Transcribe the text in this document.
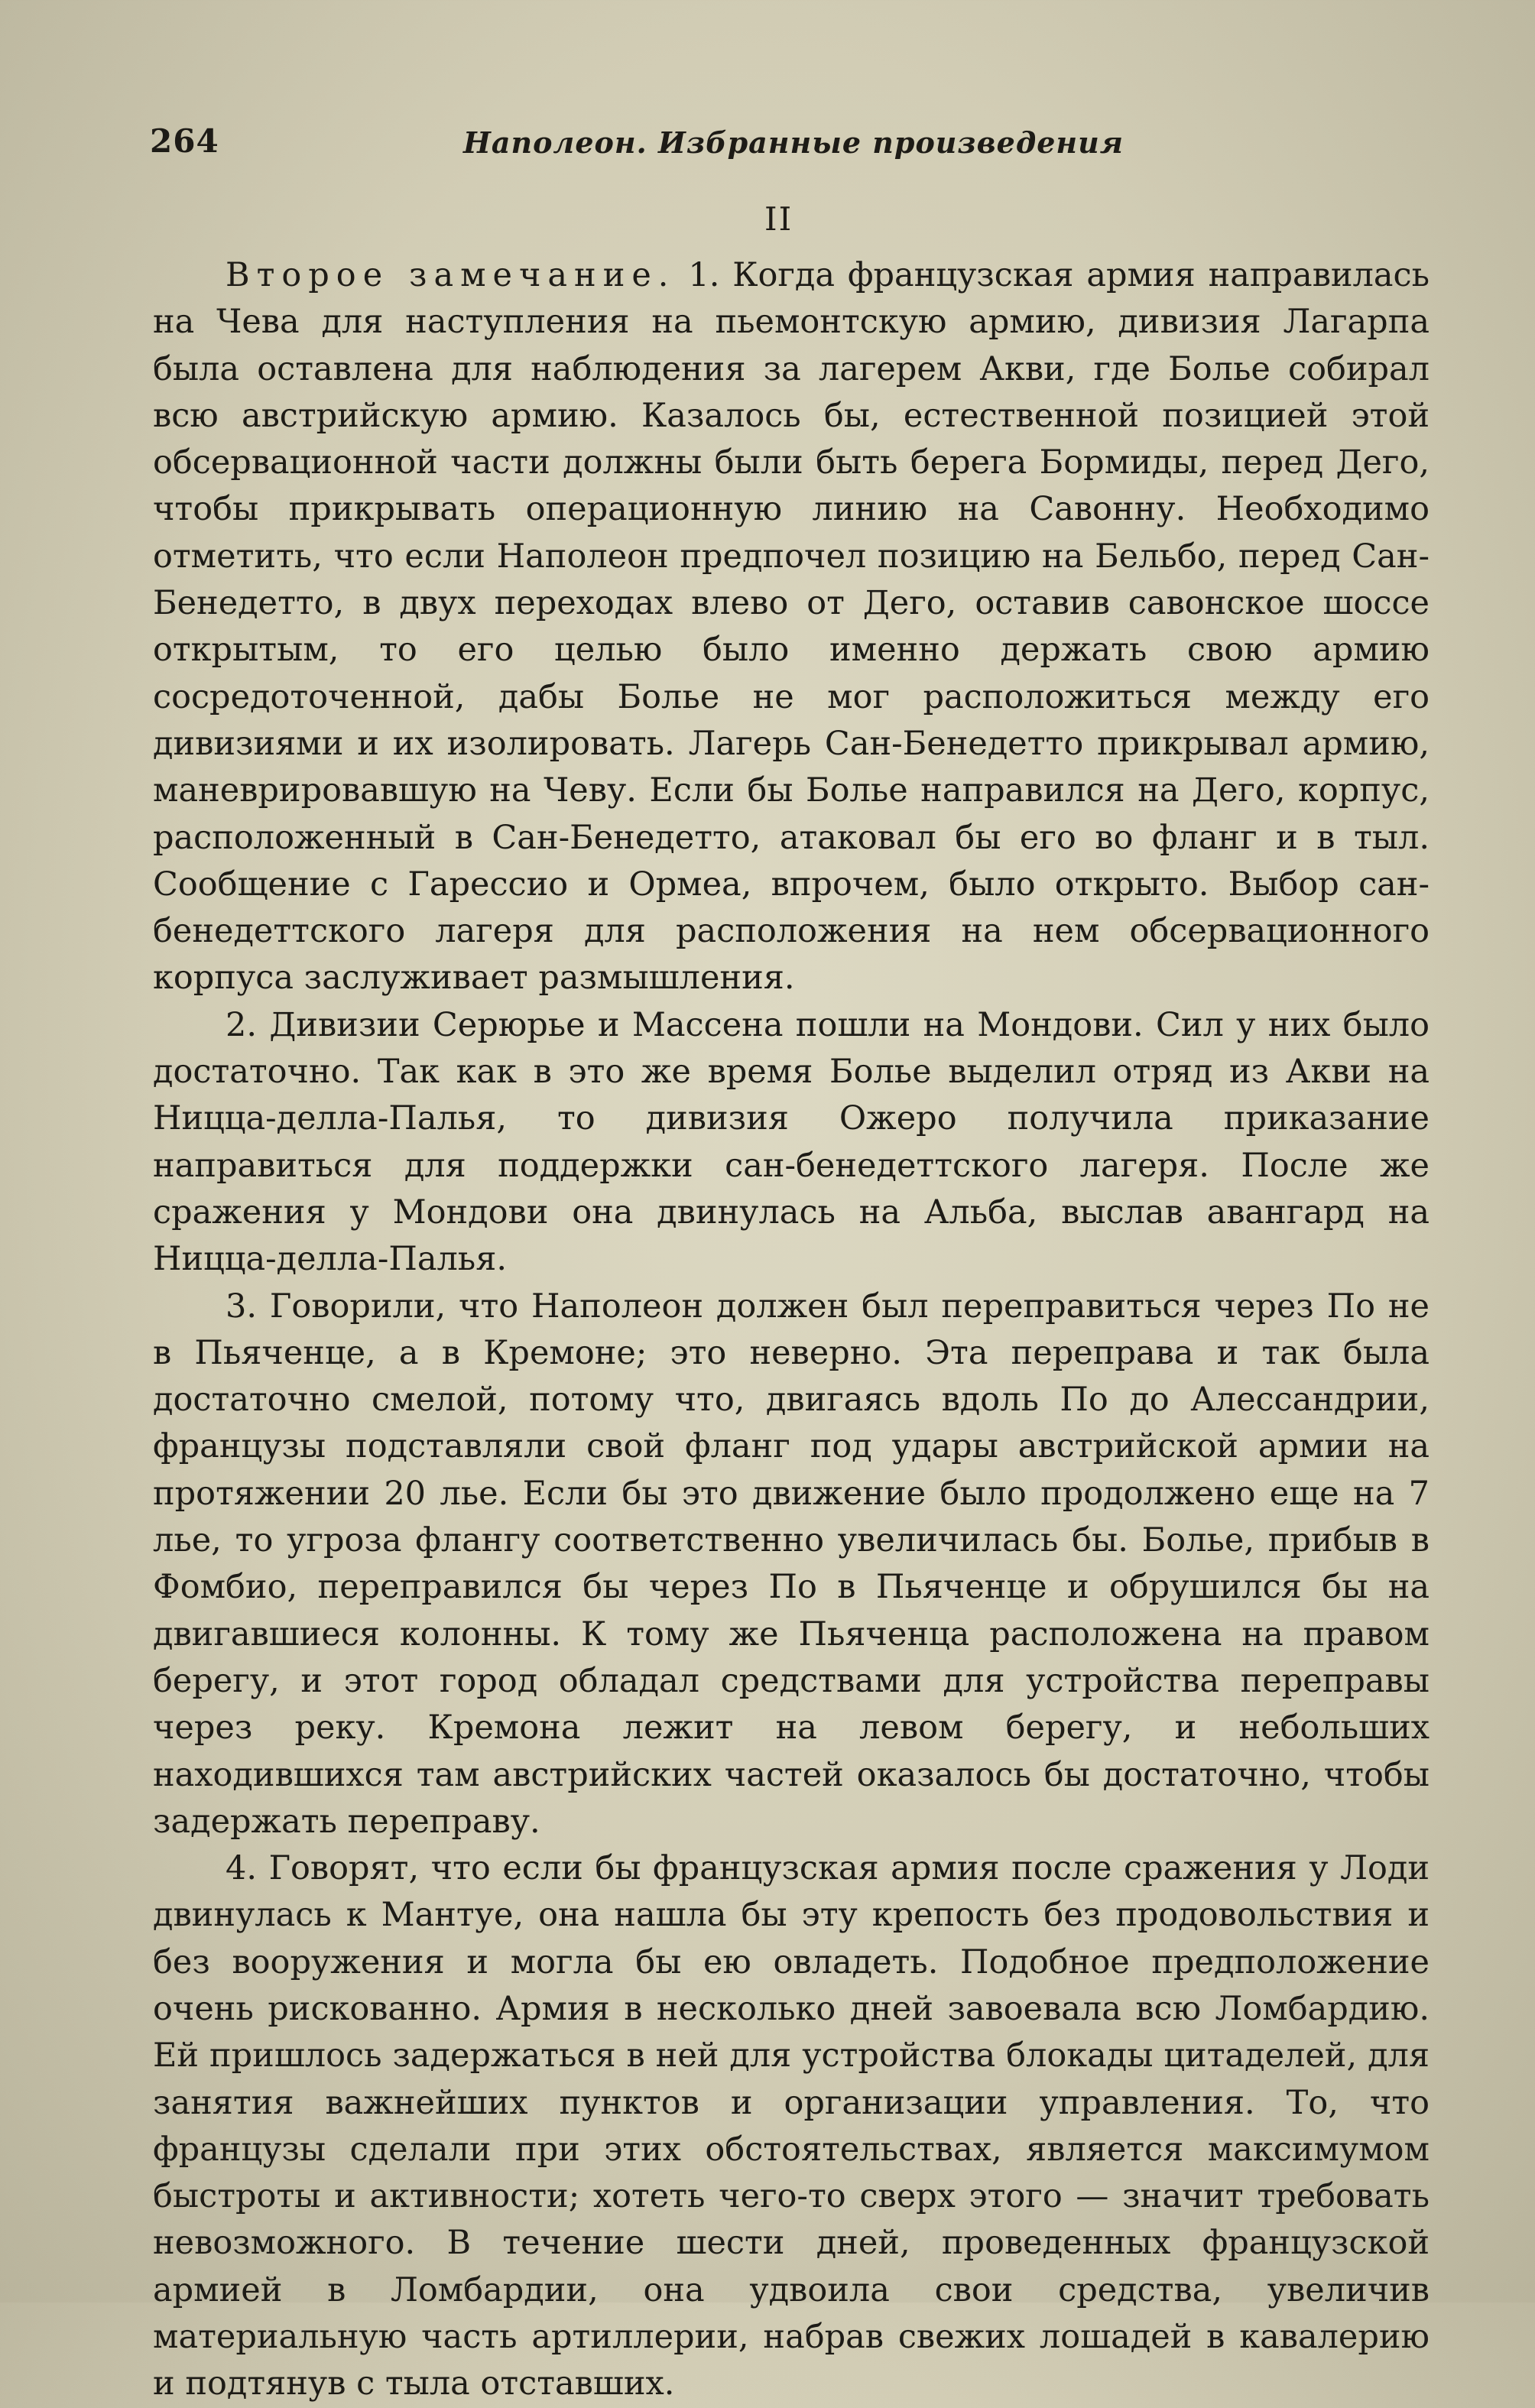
264	Наполеон. Избранные произведения
II

Второе замечание. 1. Когда французская армия направилась на Чева для наступления на пьемонтскую армию, дивизия Лагарпа была оставлена для наблюдения за лагерем Акви, где Болье собирал всю австрийскую армию. Казалось бы, естественной позицией этой обсервационной части должны были быть берега Бормиды, перед Дего, чтобы прикрывать операционную линию на Савонну. Необходимо отметить, что если Наполеон предпочел позицию на Бельбо, перед Сан-Бенедетто, в двух переходах влево от Дего, оставив савонское шоссе открытым, то его целью было именно держать свою армию сосредоточенной, дабы Болье не мог расположиться между его дивизиями и их изолировать. Лагерь Сан-Бенедетто прикрывал армию, маневрировавшую на Чеву. Если бы Болье направился на Дего, корпус, расположенный в Сан-Бенедетто, атаковал бы его во фланг и в тыл. Сообщение с Гарессио и Ормеа, впрочем, было открыто. Выбор сан-бенедеттского лагеря для расположения на нем обсервационного корпуса заслуживает размышления.

2. Дивизии Серюрье и Массена пошли на Мондови. Сил у них было достаточно. Так как в это же время Болье выделил отряд из Акви на Ницца-делла-Палья, то дивизия Ожеро получила приказание направиться для поддержки сан-бенедеттского лагеря. После же сражения у Мондови она двинулась на Альба, выслав авангард на Ницца-делла-Палья.

3. Говорили, что Наполеон должен был переправиться через По не в Пьяченце, а в Кремоне; это неверно. Эта переправа и так была достаточно смелой, потому что, двигаясь вдоль По до Алессандрии, французы подставляли свой фланг под удары австрийской армии на протяжении 20 лье. Если бы это движение было продолжено еще на 7 лье, то угроза флангу соответственно увеличилась бы. Болье, прибыв в Фомбио, переправился бы через По в Пьяченце и обрушился бы на двигавшиеся колонны. К тому же Пьяченца расположена на правом берегу, и этот город обладал средствами для устройства переправы через реку. Кремона лежит на левом берегу, и небольших находившихся там австрийских частей оказалось бы достаточно, чтобы задержать переправу.

4. Говорят, что если бы французская армия после сражения у Лоди двинулась к Мантуе, она нашла бы эту крепость без продовольствия и без вооружения и могла бы ею овладеть. Подобное предположение очень рискованно. Армия в несколько дней завоевала всю Ломбардию. Ей пришлось задержаться в ней для устройства блокады цитаделей, для занятия важнейших пунктов и организации управления. То, что французы сделали при этих обстоятельствах, является максимумом быстроты и активности; хотеть чего-то сверх этого — значит требовать невозможного. В течение шести дней, проведенных французской армией в Ломбардии, она удвоила свои средства, увеличив материальную часть артиллерии, набрав свежих лошадей в кавалерию и подтянув с тыла отставших.
